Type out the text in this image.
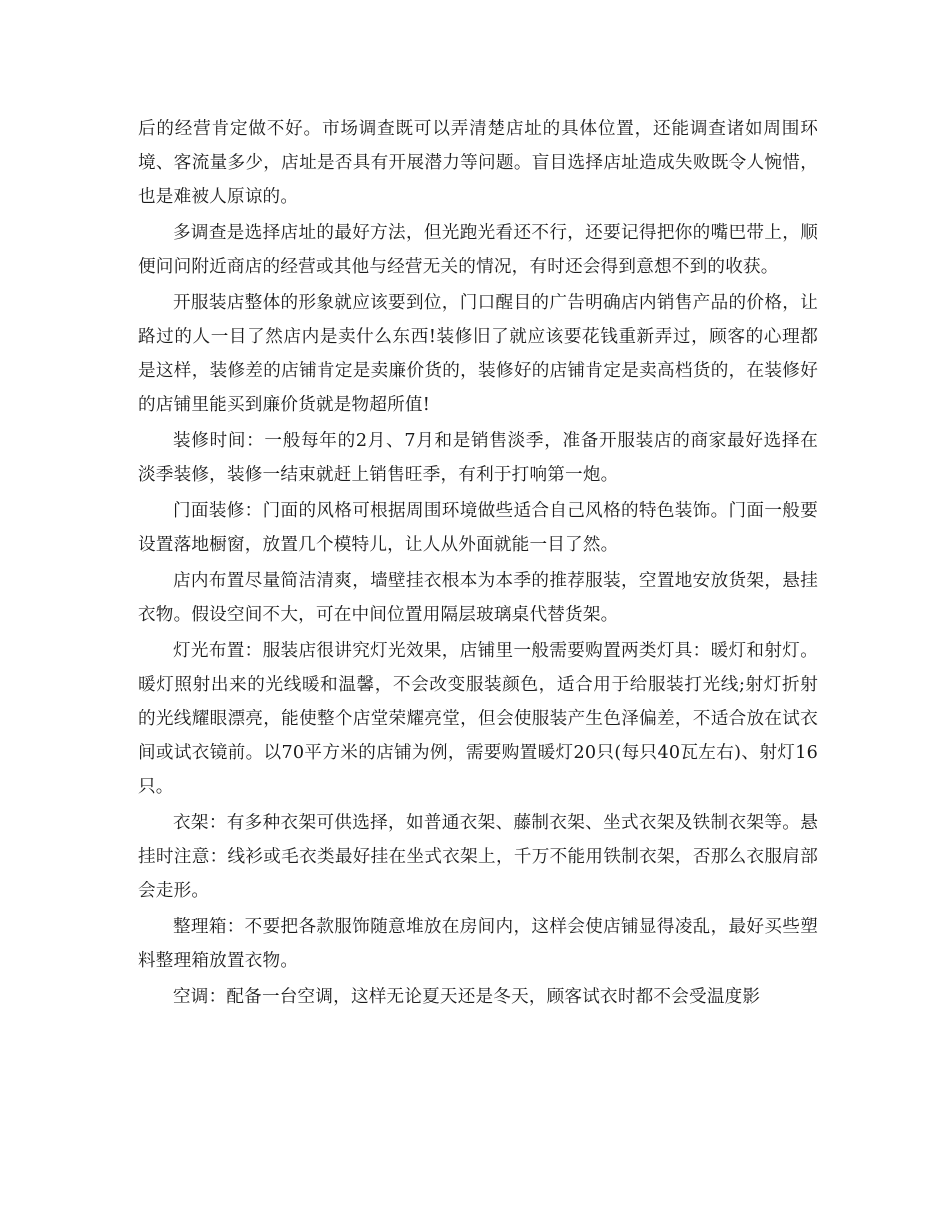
后的经营肯定做不好。市场调查既可以弄清楚店址的具体位置，还能调查诸如周围环境、客流量多少，店址是否具有开展潜力等问题。盲目选择店址造成失败既令人惋惜，也是难被人原谅的。

多调查是选择店址的最好方法，但光跑光看还不行，还要记得把你的嘴巴带上，顺便问问附近商店的经营或其他与经营无关的情况，有时还会得到意想不到的收获。

开服装店整体的形象就应该要到位，门口醒目的广告明确店内销售产品的价格，让路过的人一目了然店内是卖什么东西!装修旧了就应该要花钱重新弄过，顾客的心理都是这样，装修差的店铺肯定是卖廉价货的，装修好的店铺肯定是卖高档货的，在装修好的店铺里能买到廉价货就是物超所值!

装修时间：一般每年的2月、7月和是销售淡季，准备开服装店的商家最好选择在淡季装修，装修一结束就赶上销售旺季，有利于打响第一炮。

门面装修：门面的风格可根据周围环境做些适合自己风格的特色装饰。门面一般要设置落地橱窗，放置几个模特儿，让人从外面就能一目了然。

店内布置尽量简洁清爽，墙壁挂衣根本为本季的推荐服装，空置地安放货架，悬挂衣物。假设空间不大，可在中间位置用隔层玻璃桌代替货架。

灯光布置：服装店很讲究灯光效果，店铺里一般需要购置两类灯具：暖灯和射灯。暖灯照射出来的光线暖和温馨，不会改变服装颜色，适合用于给服装打光线;射灯折射的光线耀眼漂亮，能使整个店堂荣耀亮堂，但会使服装产生色泽偏差，不适合放在试衣间或试衣镜前。以70平方米的店铺为例，需要购置暖灯20只(每只40瓦左右)、射灯16只。

衣架：有多种衣架可供选择，如普通衣架、藤制衣架、坐式衣架及铁制衣架等。悬挂时注意：线衫或毛衣类最好挂在坐式衣架上，千万不能用铁制衣架，否那么衣服肩部会走形。

整理箱：不要把各款服饰随意堆放在房间内，这样会使店铺显得凌乱，最好买些塑料整理箱放置衣物。

空调：配备一台空调，这样无论夏天还是冬天，顾客试衣时都不会受温度影
